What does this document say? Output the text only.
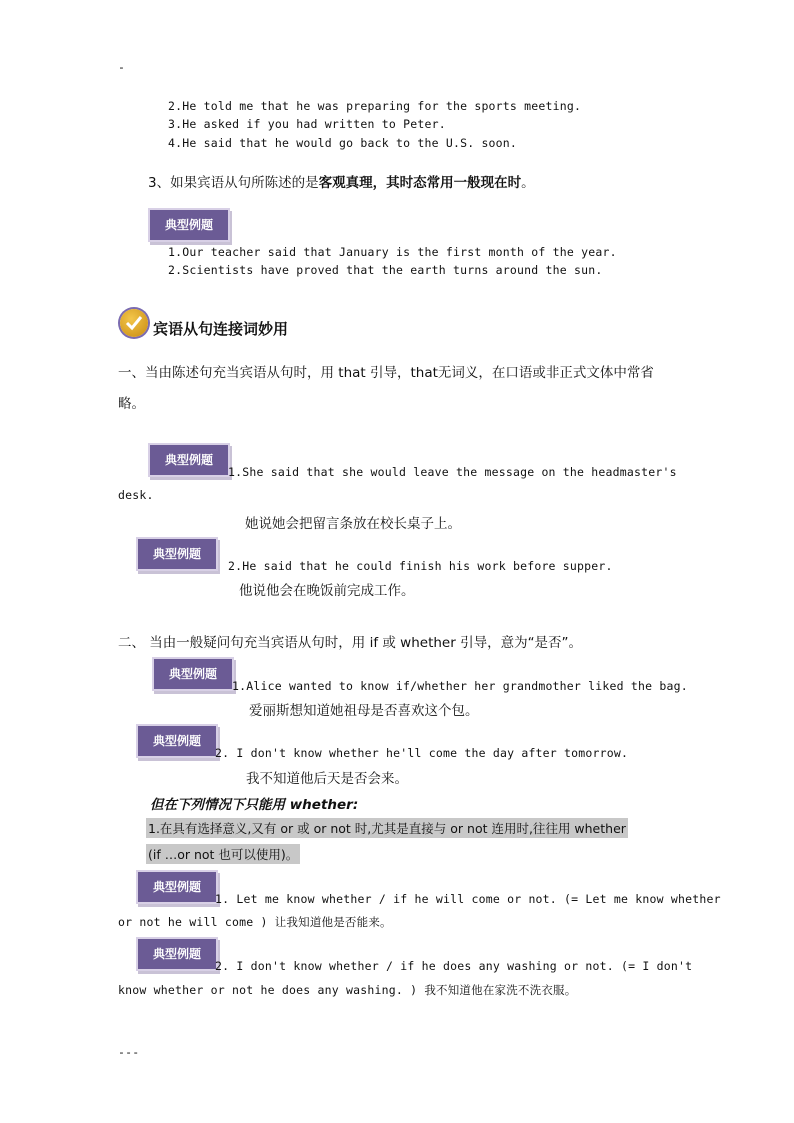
-
2.He told me that he was preparing for the sports meeting.
3.He asked if you had written to Peter.
4.He said that he would go back to the U.S. soon.
3、如果宾语从句所陈述的是客观真理，其时态常用一般现在时。
典型例题
1.Our teacher said that January is the first month of the year.
2.Scientists have proved that the earth turns around the sun.
宾语从句连接词妙用
一、当由陈述句充当宾语从句时，用 that 引导，that无词义，在口语或非正式文体中常省
略。
典型例题
1.She said that she would leave the message on the headmaster's
desk.
她说她会把留言条放在校长桌子上。
典型例题
2.He said that he could finish his work before supper.
他说他会在晚饭前完成工作。
二、 当由一般疑问句充当宾语从句时，用 if 或 whether 引导，意为“是否”。
典型例题
1.Alice wanted to know if/whether her grandmother liked the bag.
爱丽斯想知道她祖母是否喜欢这个包。
典型例题
2. I don't know whether he'll come the day after tomorrow.
我不知道他后天是否会来。
但在下列情况下只能用 whether:
1.在具有选择意义,又有 or 或 or not 时,尤其是直接与 or not 连用时,往往用 whether
(if …or not 也可以使用)。
典型例题
1. Let me know whether / if he will come or not. (= Let me know whether
or not he will come ) 让我知道他是否能来。
典型例题
2. I don't know whether / if he does any washing or not. (= I don't
know whether or not he does any washing. ) 我不知道他在家洗不洗衣服。
---
